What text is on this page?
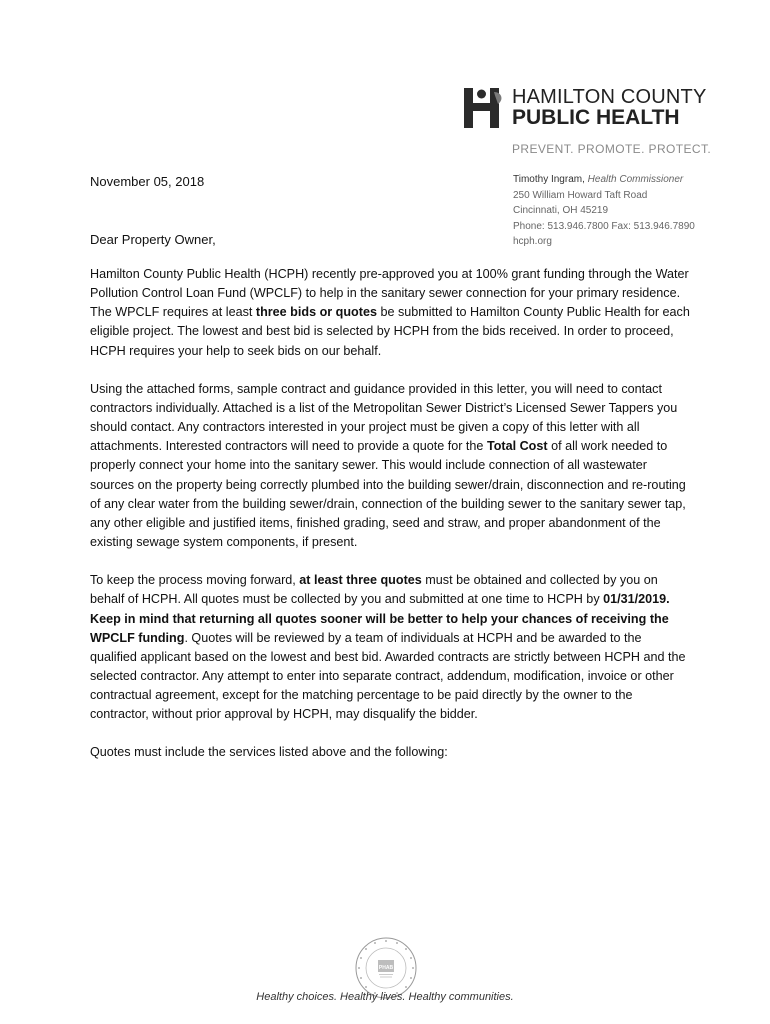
HAMILTON COUNTY
PUBLIC HEALTH
PREVENT. PROMOTE. PROTECT.
November 05, 2018	Timothy Ingram, Health Commissioner
250 William Howard Taft Road
Cincinnati, OH 45219
Phone: 513.946.7800 Fax: 513.946.7890
hcph.org
Dear Property Owner,

Hamilton County Public Health (HCPH) recently pre-approved you at 100% grant funding through the Water Pollution Control Loan Fund (WPCLF) to help in the sanitary sewer connection for your primary residence. The WPCLF requires at least three bids or quotes be submitted to Hamilton County Public Health for each eligible project. The lowest and best bid is selected by HCPH from the bids received. In order to proceed, HCPH requires your help to seek bids on our behalf.

Using the attached forms, sample contract and guidance provided in this letter, you will need to contact contractors individually. Attached is a list of the Metropolitan Sewer District’s Licensed Sewer Tappers you should contact. Any contractors interested in your project must be given a copy of this letter with all attachments. Interested contractors will need to provide a quote for the Total Cost of all work needed to properly connect your home into the sanitary sewer. This would include connection of all wastewater sources on the property being correctly plumbed into the building sewer/drain, disconnection and re-routing of any clear water from the building sewer/drain, connection of the building sewer to the sanitary sewer tap, any other eligible and justified items, finished grading, seed and straw, and proper abandonment of the existing sewage system components, if present.

To keep the process moving forward, at least three quotes must be obtained and collected by you on behalf of HCPH. All quotes must be collected by you and submitted at one time to HCPH by 01/31/2019. Keep in mind that returning all quotes sooner will be better to help your chances of receiving the WPCLF funding. Quotes will be reviewed by a team of individuals at HCPH and be awarded to the qualified applicant based on the lowest and best bid. Awarded contracts are strictly between HCPH and the selected contractor. Any attempt to enter into separate contract, addendum, modification, invoice or other contractual agreement, except for the matching percentage to be paid directly by the owner to the contractor, without prior approval by HCPH, may disqualify the bidder.

Quotes must include the services listed above and the following:

PHAB
Healthy choices. Healthy lives. Healthy communities.
